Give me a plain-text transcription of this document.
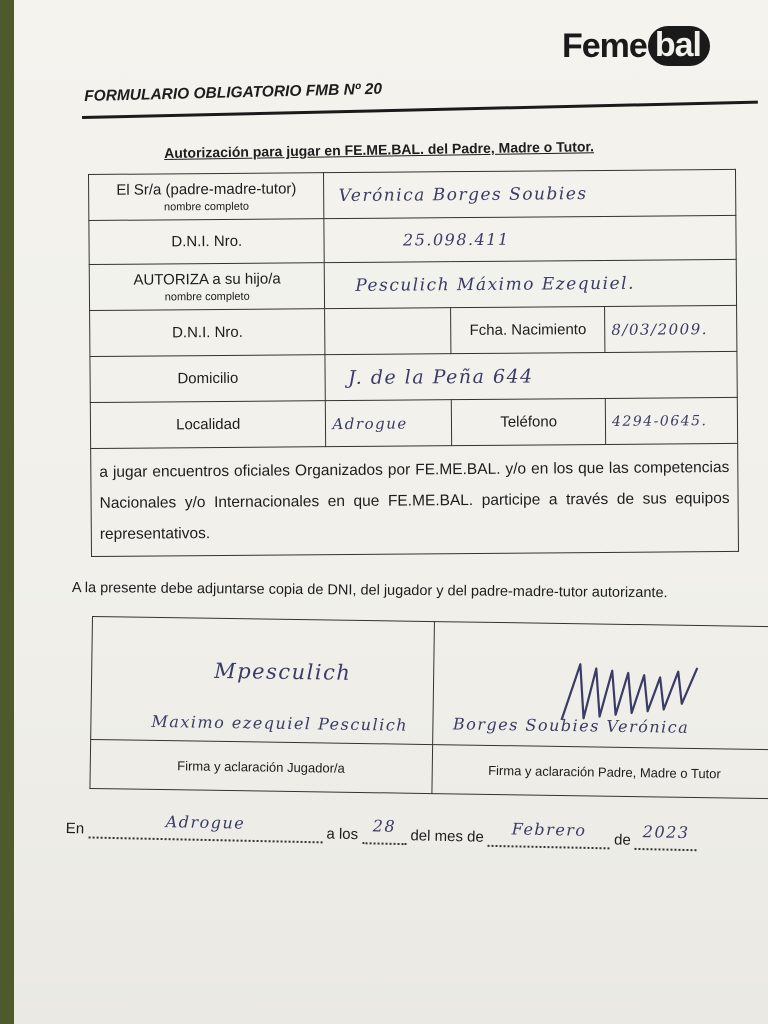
Feme bal
FORMULARIO OBLIGATORIO FMB Nº 20
Autorización para jugar en FE.ME.BAL. del Padre, Madre o Tutor.
El Sr/a (padre-madre-tutor)
nombre completo	Verónica Borges Soubies		
D.N.I. Nro.	25.098.411		
AUTORIZA a su hijo/a
nombre completo	Pesculich Máximo Ezequiel.		
D.N.I. Nro.		Fcha. Nacimiento	8/03/2009.
Domicilio	J. de la Peña 644		
Localidad	Adrogue	Teléfono	4294-0645.
a jugar encuentros oficiales Organizados por FE.ME.BAL. y/o en los que las competencias Nacionales y/o Internacionales en que FE.ME.BAL. participe a través de sus equipos representativos.
A la presente debe adjuntarse copia de DNI, del jugador y del padre-madre-tutor autorizante.
Mpesculich
Maximo ezequiel Pesculich	Borges Soubies Verónica

Firma y aclaración Jugador/a	Firma y aclaración Padre, Madre o Tutor
En	Adrogue a los 28 del mes de Febrero de 2023
